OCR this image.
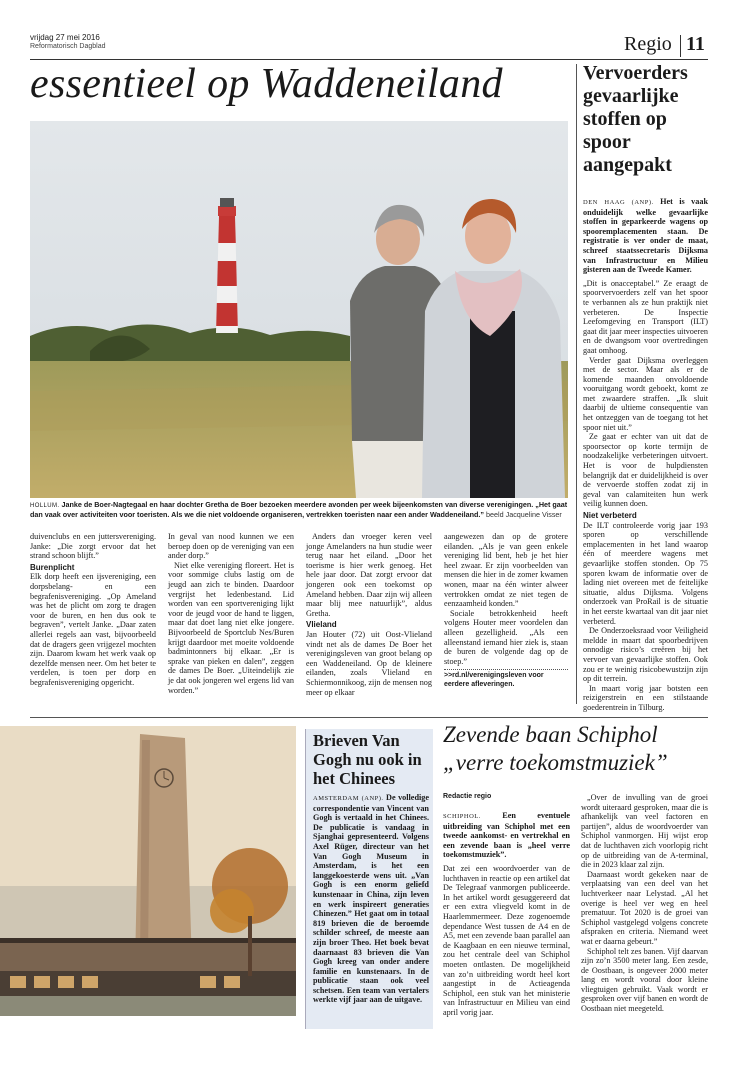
vrijdag 27 mei 2016
Reformatorisch Dagblad	Regio 11
essentieel op Waddeneiland
HOLLUM. Janke de Boer-Nagtegaal en haar dochter Gretha de Boer bezoeken meerdere avonden per week bijeenkomsten van diverse verenigingen. „Het gaat dan vaak over activiteiten voor toeristen. Als we die niet voldoende organiseren, vertrekken toeristen naar een ander Waddeneiland.” beeld Jacqueline Visser

duivenclubs en een juttersvereniging. Janke: „Die zorgt ervoor dat het strand schoon blijft.”

Burenplicht

Elk dorp heeft een ijsvereniging, een dorpsbelang- en een begrafenisvereniging. „Op Ameland was het de plicht om zorg te dragen voor de buren, en hen dus ook te begraven”, vertelt Janke. „Daar zaten allerlei regels aan vast, bijvoorbeeld dat de dragers geen vrijgezel mochten zijn. Daarom kwam het werk vaak op dezelfde mensen neer. Om het beter te verdelen, is toen per dorp en begrafenisvereniging opgericht.

In geval van nood kunnen we een beroep doen op de vereniging van een ander dorp.”

Niet elke vereniging floreert. Het is voor sommige clubs lastig om de jeugd aan zich te binden. Daardoor vergrijst het ledenbestand. Lid worden van een sportvereniging lijkt voor de jeugd voor de hand te liggen, maar dat doet lang niet elke jongere. Bijvoorbeeld de Sportclub Nes/Buren krijgt daardoor met moeite voldoende badmintonners bij elkaar. „Er is sprake van pieken en dalen”, zeggen de dames De Boer. „Uiteindelijk zie je dat ook jongeren wel ergens lid van worden.”

Anders dan vroeger keren veel jonge Amelanders na hun studie weer terug naar het eiland. „Door het toerisme is hier werk genoeg. Het hele jaar door. Dat zorgt ervoor dat jongeren ook een toekomst op Ameland hebben. Daar zijn wij alleen maar blij mee natuurlijk”, aldus Gretha.

Vlieland

Jan Houter (72) uit Oost-Vlieland vindt net als de dames De Boer het verenigingsleven van groot belang op een Waddeneiland. Op de kleinere eilanden, zoals Vlieland en Schiermonnikoog, zijn de mensen nog meer op elkaar

aangewezen dan op de grotere eilanden. „Als je van geen enkele vereniging lid bent, heb je het hier heel zwaar. Er zijn voorbeelden van mensen die hier in de zomer kwamen wonen, maar na één winter alweer vertrokken omdat ze niet tegen de eenzaamheid konden.”

Sociale betrokkenheid heeft volgens Houter meer voordelen dan alleen gezelligheid. „Als een alleenstand iemand hier ziek is, staan de buren de volgende dag op de stoep.”

>>rd.nl/verenigingsleven voor eerdere afleveringen.

Vervoerders gevaarlijke stoffen op spoor aangepakt

DEN HAAG (ANP). Het is vaak onduidelijk welke gevaarlijke stoffen in geparkeerde wagens op spooremplacementen staan. De registratie is ver onder de maat, schreef staatssecretaris Dijksma van Infrastructuur en Milieu gisteren aan de Tweede Kamer.

„Dit is onacceptabel.” Ze eraagt de spoorvervoerders zelf van het spoor te verbannen als ze hun praktijk niet verbeteren. De Inspectie Leefomgeving en Transport (ILT) gaat dit jaar meer inspecties uitvoeren en de dwangsom voor overtredingen gaat omhoog.

Verder gaat Dijksma overleggen met de sector. Maar als er de komende maanden onvoldoende vooruitgang wordt geboekt, komt ze met zwaardere straffen. „Ik sluit daarbij de ultieme consequentie van het ontzeggen van de toegang tot het spoor niet uit.”

Ze gaat er echter van uit dat de spoorsector op korte termijn de noodzakelijke verbeteringen uitvoert. Het is voor de hulpdiensten belangrijk dat er duidelijkheid is over de vervoerde stoffen zodat zij in geval van calamiteiten hun werk veilig kunnen doen.

Niet verbeterd

De ILT controleerde vorig jaar 193 sporen op verschillende emplacementen in het land waarop één of meerdere wagens met gevaarlijke stoffen stonden. Op 75 sporen kwam de informatie over de lading niet overeen met de feitelijke situatie, aldus Dijksma. Volgens onderzoek van ProRail is de situatie in het eerste kwartaal van dit jaar niet verbeterd.

De Onderzoeksraad voor Veiligheid meldde in maart dat spoorbedrijven onnodige risico’s creëren bij het vervoer van gevaarlijke stoffen. Ook zou er te weinig risicobewustzijn zijn op dit terrein.

In maart vorig jaar botsten een reizigerstrein en een stilstaande goederentrein in Tilburg.

Brieven Van Gogh nu ook in het Chinees

AMSTERDAM (ANP). De volledige correspondentie van Vincent van Gogh is vertaald in het Chinees. De publicatie is vandaag in Sjanghai gepresenteerd. Volgens Axel Rüger, directeur van het Van Gogh Museum in Amsterdam, is het een langgekoesterde wens uit. „Van Gogh is een enorm geliefd kunstenaar in China, zijn leven en werk inspireert generaties Chinezen.” Het gaat om in totaal 819 brieven die de beroemde schilder schreef, de meeste aan zijn broer Theo. Het boek bevat daarnaast 83 brieven die Van Gogh kreeg van onder andere familie en kunstenaars. In de publicatie staan ook veel schetsen. Een team van vertalers werkte vijf jaar aan de uitgave.

Zevende baan Schiphol „verre toekomstmuziek”
Redactie regio

SCHIPHOL.	Een eventuele uitbreiding van Schiphol met een tweede aankomst- en vertrekhal en een zevende baan is „heel verre toekomstmuziek”.

Dat zei een woordvoerder van de luchthaven in reactie op een artikel dat De Telegraaf vanmorgen publiceerde. In het artikel wordt gesuggereerd dat er een extra vliegveld komt in de Haarlemmermeer. Deze zogenoemde dependance West tussen de A4 en de A5, met een zevende baan parallel aan de Kaagbaan en een nieuwe terminal, zou het centrale deel van Schiphol moeten ontlasten. De mogelijkheid van zo’n uitbreiding wordt heel kort aangestipt in de Actieagenda Schiphol, een stuk van het ministerie van Infrastructuur en Milieu van eind april vorig jaar.

„Over de invulling van de groei wordt uiteraard gesproken, maar die is afhankelijk van veel factoren en partijen”, aldus de woordvoerder van Schiphol vanmorgen. Hij wijst erop dat de luchthaven zich voorlopig richt op de uitbreiding van de A-terminal, die in 2023 klaar zal zijn.

Daarnaast wordt gekeken naar de verplaatsing van een deel van het luchtverkeer naar Lelystad. „Al het overige is heel ver weg en heel prematuur. Tot 2020 is de groei van Schiphol vastgelegd volgens concrete afspraken en criteria. Niemand weet wat er daarna gebeurt.”

Schiphol telt zes banen. Vijf daarvan zijn zo’n 3500 meter lang. Een zesde, de Oostbaan, is ongeveer 2000 meter lang en wordt vooral door kleine vliegtuigen gebruikt. Vaak wordt er gesproken over vijf banen en wordt de Oostbaan niet meegeteld.
